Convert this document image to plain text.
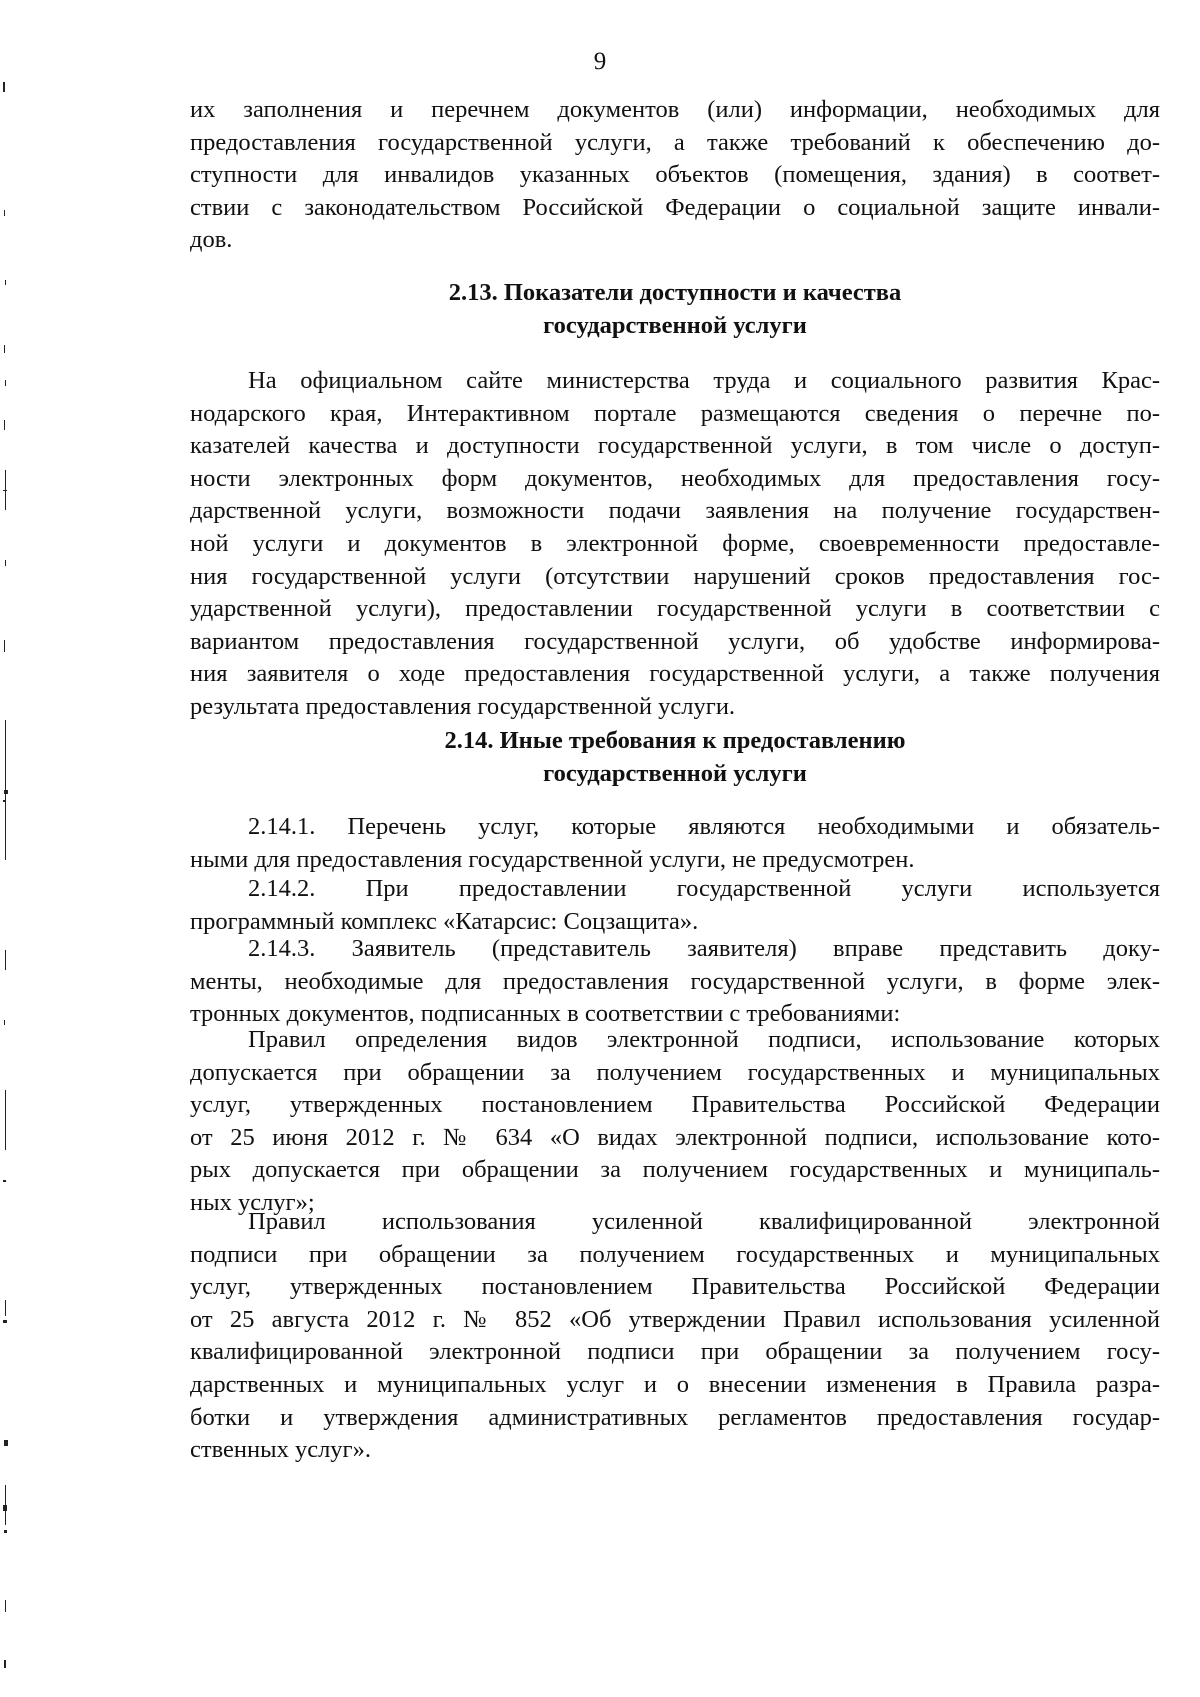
9
их заполнения и перечнем документов (или) информации, необходимых для
предоставления государственной услуги, а также требований к обеспечению до-
ступности для инвалидов указанных объектов (помещения, здания) в соответ-
ствии с законодательством Российской Федерации о социальной защите инвали-
дов.
2.13. Показатели доступности и качества
государственной услуги
На официальном сайте министерства труда и социального развития Крас-
нодарского края, Интерактивном портале размещаются сведения о перечне по-
казателей качества и доступности государственной услуги, в том числе о доступ-
ности электронных форм документов, необходимых для предоставления госу-
дарственной услуги, возможности подачи заявления на получение государствен-
ной услуги и документов в электронной форме, своевременности предоставле-
ния государственной услуги (отсутствии нарушений сроков предоставления гос-
ударственной услуги), предоставлении государственной услуги в соответствии с
вариантом предоставления государственной услуги, об удобстве информирова-
ния заявителя о ходе предоставления государственной услуги, а также получения
результата предоставления государственной услуги.
2.14. Иные требования к предоставлению
государственной услуги
2.14.1. Перечень услуг, которые являются необходимыми и обязатель-
ными для предоставления государственной услуги, не предусмотрен.
2.14.2. При предоставлении государственной услуги используется
программный комплекс «Катарсис: Соцзащита».
2.14.3. Заявитель (представитель заявителя) вправе представить доку-
менты, необходимые для предоставления государственной услуги, в форме элек-
тронных документов, подписанных в соответствии с требованиями:
Правил определения видов электронной подписи, использование которых
допускается при обращении за получением государственных и муниципальных
услуг, утвержденных постановлением Правительства Российской Федерации
от 25 июня 2012 г. № 634 «О видах электронной подписи, использование кото-
рых допускается при обращении за получением государственных и муниципаль-
ных услуг»;
Правил использования усиленной квалифицированной электронной
подписи при обращении за получением государственных и муниципальных
услуг, утвержденных постановлением Правительства Российской Федерации
от 25 августа 2012 г. № 852 «Об утверждении Правил использования усиленной
квалифицированной электронной подписи при обращении за получением госу-
дарственных и муниципальных услуг и о внесении изменения в Правила разра-
ботки и утверждения административных регламентов предоставления государ-
ственных услуг».
